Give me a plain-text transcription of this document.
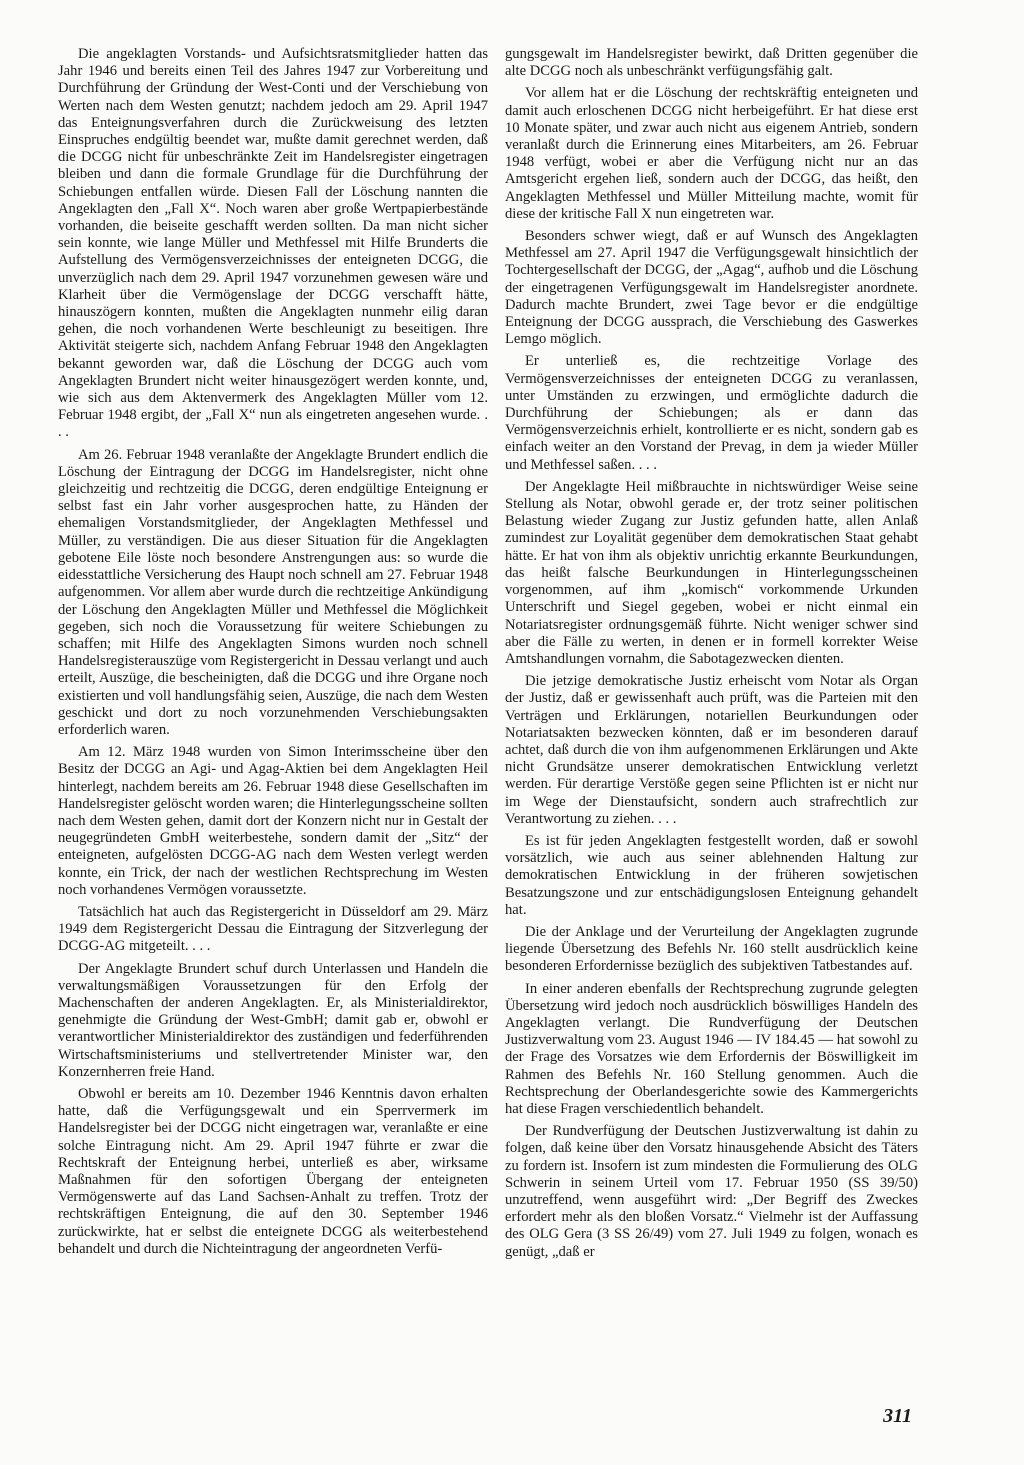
Die angeklagten Vorstands- und Aufsichtsratsmitglieder hatten das Jahr 1946 und bereits einen Teil des Jahres 1947 zur Vorbereitung und Durchführung der Gründung der West-Conti und der Verschiebung von Werten nach dem Westen genutzt; nachdem jedoch am 29. April 1947 das Enteignungsverfahren durch die Zurückweisung des letzten Einspruches endgültig beendet war, mußte damit gerechnet werden, daß die DCGG nicht für unbeschränkte Zeit im Handelsregister eingetragen bleiben und dann die formale Grundlage für die Durchführung der Schiebungen entfallen würde. Diesen Fall der Löschung nannten die Angeklagten den „Fall X“. Noch waren aber große Wertpapierbestände vorhanden, die beiseite geschafft werden sollten. Da man nicht sicher sein konnte, wie lange Müller und Methfessel mit Hilfe Brunderts die Aufstellung des Vermögensverzeichnisses der enteigneten DCGG, die unverzüglich nach dem 29. April 1947 vorzunehmen gewesen wäre und Klarheit über die Vermögenslage der DCGG verschafft hätte, hinauszögern konnten, mußten die Angeklagten nunmehr eilig daran gehen, die noch vorhandenen Werte beschleunigt zu beseitigen. Ihre Aktivität steigerte sich, nachdem Anfang Februar 1948 den Angeklagten bekannt geworden war, daß die Löschung der DCGG auch vom Angeklagten Brundert nicht weiter hinausgezögert werden konnte, und, wie sich aus dem Aktenvermerk des Angeklagten Müller vom 12. Februar 1948 ergibt, der „Fall X“ nun als eingetreten angesehen wurde. . . .

Am 26. Februar 1948 veranlaßte der Angeklagte Brundert endlich die Löschung der Eintragung der DCGG im Handelsregister, nicht ohne gleichzeitig und rechtzeitig die DCGG, deren endgültige Enteignung er selbst fast ein Jahr vorher ausgesprochen hatte, zu Händen der ehemaligen Vorstandsmitglieder, der Angeklagten Methfessel und Müller, zu verständigen. Die aus dieser Situation für die Angeklagten gebotene Eile löste noch besondere Anstrengungen aus: so wurde die eidesstattliche Versicherung des Haupt noch schnell am 27. Februar 1948 aufgenommen. Vor allem aber wurde durch die rechtzeitige Ankündigung der Löschung den Angeklagten Müller und Methfessel die Möglichkeit gegeben, sich noch die Voraussetzung für weitere Schiebungen zu schaffen; mit Hilfe des Angeklagten Simons wurden noch schnell Handelsregisterauszüge vom Registergericht in Dessau verlangt und auch erteilt, Auszüge, die bescheinigten, daß die DCGG und ihre Organe noch existierten und voll handlungsfähig seien, Auszüge, die nach dem Westen geschickt und dort zu noch vorzunehmenden Verschiebungsakten erforderlich waren.

Am 12. März 1948 wurden von Simon Interimsscheine über den Besitz der DCGG an Agi- und Agag-Aktien bei dem Angeklagten Heil hinterlegt, nachdem bereits am 26. Februar 1948 diese Gesellschaften im Handelsregister gelöscht worden waren; die Hinterlegungsscheine sollten nach dem Westen gehen, damit dort der Konzern nicht nur in Gestalt der neugegründeten GmbH weiterbestehe, sondern damit der „Sitz“ der enteigneten, aufgelösten DCGG-AG nach dem Westen verlegt werden konnte, ein Trick, der nach der westlichen Rechtsprechung im Westen noch vorhandenes Vermögen voraussetzte.

Tatsächlich hat auch das Registergericht in Düsseldorf am 29. März 1949 dem Registergericht Dessau die Eintragung der Sitzverlegung der DCGG-AG mitgeteilt. . . .

Der Angeklagte Brundert schuf durch Unterlassen und Handeln die verwaltungsmäßigen Voraussetzungen für den Erfolg der Machenschaften der anderen Angeklagten. Er, als Ministerialdirektor, genehmigte die Gründung der West-GmbH; damit gab er, obwohl er verantwortlicher Ministerialdirektor des zuständigen und federführenden Wirtschaftsministeriums und stellvertretender Minister war, den Konzernherren freie Hand.

Obwohl er bereits am 10. Dezember 1946 Kenntnis davon erhalten hatte, daß die Verfügungsgewalt und ein Sperrvermerk im Handelsregister bei der DCGG nicht eingetragen war, veranlaßte er eine solche Eintragung nicht. Am 29. April 1947 führte er zwar die Rechtskraft der Enteignung herbei, unterließ es aber, wirksame Maßnahmen für den sofortigen Übergang der enteigneten Vermögenswerte auf das Land Sachsen-Anhalt zu treffen. Trotz der rechtskräftigen Enteignung, die auf den 30. September 1946 zurückwirkte, hat er selbst die enteignete DCGG als weiterbestehend behandelt und durch die Nichteintragung der angeordneten Verfü-

gungsgewalt im Handelsregister bewirkt, daß Dritten gegenüber die alte DCGG noch als unbeschränkt verfügungsfähig galt.

Vor allem hat er die Löschung der rechtskräftig enteigneten und damit auch erloschenen DCGG nicht herbeigeführt. Er hat diese erst 10 Monate später, und zwar auch nicht aus eigenem Antrieb, sondern veranlaßt durch die Erinnerung eines Mitarbeiters, am 26. Februar 1948 verfügt, wobei er aber die Verfügung nicht nur an das Amtsgericht ergehen ließ, sondern auch der DCGG, das heißt, den Angeklagten Methfessel und Müller Mitteilung machte, womit für diese der kritische Fall X nun eingetreten war.

Besonders schwer wiegt, daß er auf Wunsch des Angeklagten Methfessel am 27. April 1947 die Verfügungsgewalt hinsichtlich der Tochtergesellschaft der DCGG, der „Agag“, aufhob und die Löschung der eingetragenen Verfügungsgewalt im Handelsregister anordnete. Dadurch machte Brundert, zwei Tage bevor er die endgültige Enteignung der DCGG aussprach, die Verschiebung des Gaswerkes Lemgo möglich.

Er unterließ es, die rechtzeitige Vorlage des Vermögensverzeichnisses der enteigneten DCGG zu veranlassen, unter Umständen zu erzwingen, und ermöglichte dadurch die Durchführung der Schiebungen; als er dann das Vermögensverzeichnis erhielt, kontrollierte er es nicht, sondern gab es einfach weiter an den Vorstand der Prevag, in dem ja wieder Müller und Methfessel saßen. . . .

Der Angeklagte Heil mißbrauchte in nichtswürdiger Weise seine Stellung als Notar, obwohl gerade er, der trotz seiner politischen Belastung wieder Zugang zur Justiz gefunden hatte, allen Anlaß zumindest zur Loyalität gegenüber dem demokratischen Staat gehabt hätte. Er hat von ihm als objektiv unrichtig erkannte Beurkundungen, das heißt falsche Beurkundungen in Hinterlegungsscheinen vorgenommen, auf ihm „komisch“ vorkommende Urkunden Unterschrift und Siegel gegeben, wobei er nicht einmal ein Notariatsregister ordnungsgemäß führte. Nicht weniger schwer sind aber die Fälle zu werten, in denen er in formell korrekter Weise Amtshandlungen vornahm, die Sabotagezwecken dienten.

Die jetzige demokratische Justiz erheischt vom Notar als Organ der Justiz, daß er gewissenhaft auch prüft, was die Parteien mit den Verträgen und Erklärungen, notariellen Beurkundungen oder Notariatsakten bezwecken könnten, daß er im besonderen darauf achtet, daß durch die von ihm aufgenommenen Erklärungen und Akte nicht Grundsätze unserer demokratischen Entwicklung verletzt werden. Für derartige Verstöße gegen seine Pflichten ist er nicht nur im Wege der Dienstaufsicht, sondern auch strafrechtlich zur Verantwortung zu ziehen. . . .

Es ist für jeden Angeklagten festgestellt worden, daß er sowohl vorsätzlich, wie auch aus seiner ablehnenden Haltung zur demokratischen Entwicklung in der früheren sowjetischen Besatzungszone und zur entschädigungslosen Enteignung gehandelt hat.

Die der Anklage und der Verurteilung der Angeklagten zugrunde liegende Übersetzung des Befehls Nr. 160 stellt ausdrücklich keine besonderen Erfordernisse bezüglich des subjektiven Tatbestandes auf.

In einer anderen ebenfalls der Rechtsprechung zugrunde gelegten Übersetzung wird jedoch noch ausdrücklich böswilliges Handeln des Angeklagten verlangt. Die Rundverfügung der Deutschen Justizverwaltung vom 23. August 1946 — IV 184.45 — hat sowohl zu der Frage des Vorsatzes wie dem Erfordernis der Böswilligkeit im Rahmen des Befehls Nr. 160 Stellung genommen. Auch die Rechtsprechung der Oberlandesgerichte sowie des Kammergerichts hat diese Fragen verschiedentlich behandelt.

Der Rundverfügung der Deutschen Justizverwaltung ist dahin zu folgen, daß keine über den Vorsatz hinausgehende Absicht des Täters zu fordern ist. Insofern ist zum mindesten die Formulierung des OLG Schwerin in seinem Urteil vom 17. Februar 1950 (SS 39/50) unzutreffend, wenn ausgeführt wird: „Der Begriff des Zweckes erfordert mehr als den bloßen Vorsatz.“ Vielmehr ist der Auffassung des OLG Gera (3 SS 26/49) vom 27. Juli 1949 zu folgen, wonach es genügt, „daß er

311
